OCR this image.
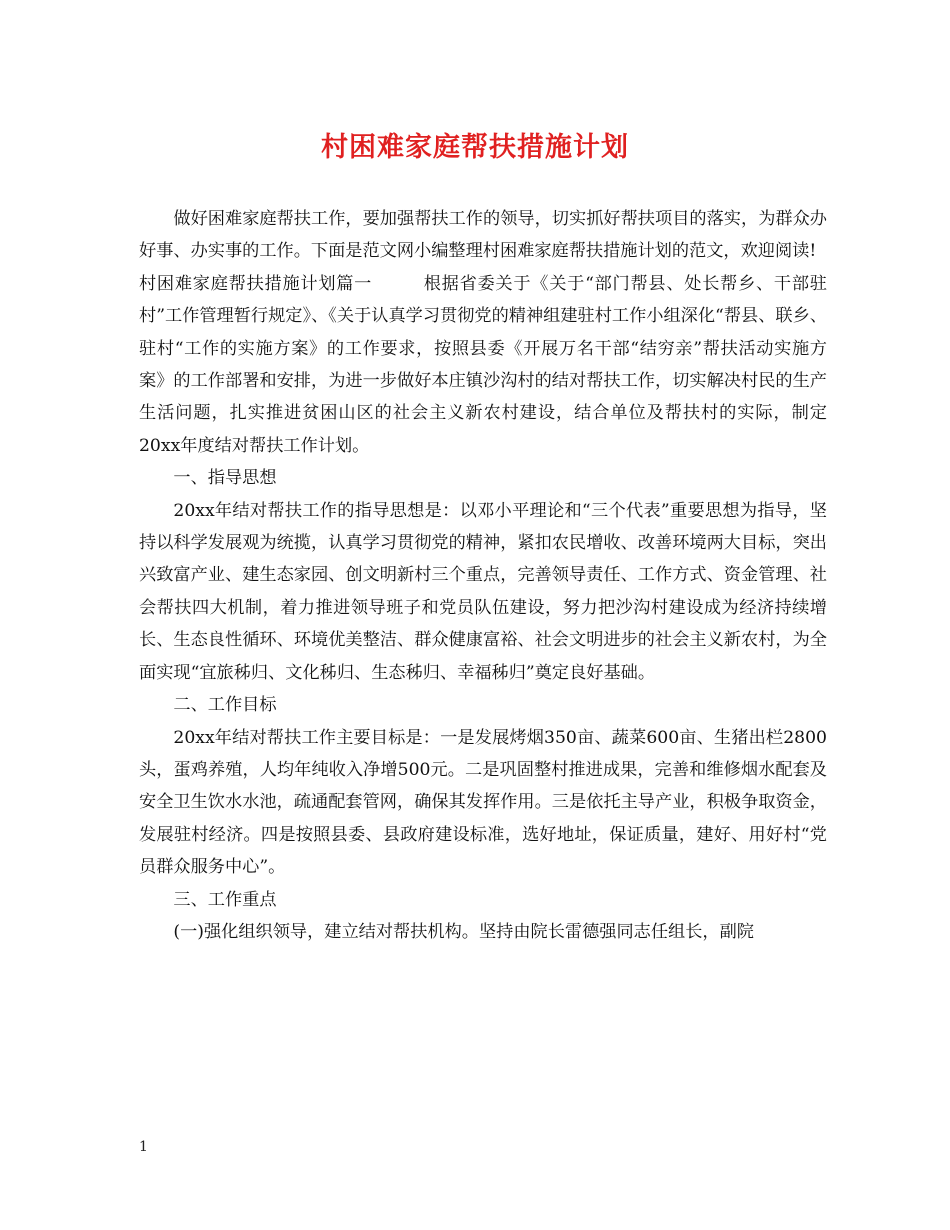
村困难家庭帮扶措施计划

做好困难家庭帮扶工作，要加强帮扶工作的领导，切实抓好帮扶项目的落实，为群众办好事、办实事的工作。下面是范文网小编整理村困难家庭帮扶措施计划的范文，欢迎阅读!

村困难家庭帮扶措施计划篇一	根据省委关于《关于“部门帮县、处长帮乡、干部驻村”工作管理暂行规定》、《关于认真学习贯彻党的精神组建驻村工作小组深化“帮县、联乡、驻村“工作的实施方案》的工作要求，按照县委《开展万名干部“结穷亲”帮扶活动实施方案》的工作部署和安排，为进一步做好本庄镇沙沟村的结对帮扶工作，切实解决村民的生产生活问题，扎实推进贫困山区的社会主义新农村建设，结合单位及帮扶村的实际，制定20xx年度结对帮扶工作计划。

一、指导思想

20xx年结对帮扶工作的指导思想是：以邓小平理论和“三个代表”重要思想为指导，坚持以科学发展观为统揽，认真学习贯彻党的精神，紧扣农民增收、改善环境两大目标，突出兴致富产业、建生态家园、创文明新村三个重点，完善领导责任、工作方式、资金管理、社会帮扶四大机制，着力推进领导班子和党员队伍建设，努力把沙沟村建设成为经济持续增长、生态良性循环、环境优美整洁、群众健康富裕、社会文明进步的社会主义新农村，为全面实现“宜旅秭归、文化秭归、生态秭归、幸福秭归”奠定良好基础。

二、工作目标

20xx年结对帮扶工作主要目标是：一是发展烤烟350亩、蔬菜600亩、生猪出栏2800头，蛋鸡养殖，人均年纯收入净增500元。二是巩固整村推进成果，完善和维修烟水配套及安全卫生饮水水池，疏通配套管网，确保其发挥作用。三是依托主导产业，积极争取资金，发展驻村经济。四是按照县委、县政府建设标准，选好地址，保证质量，建好、用好村“党员群众服务中心”。

三、工作重点

(一)强化组织领导，建立结对帮扶机构。坚持由院长雷德强同志任组长，副院

1
